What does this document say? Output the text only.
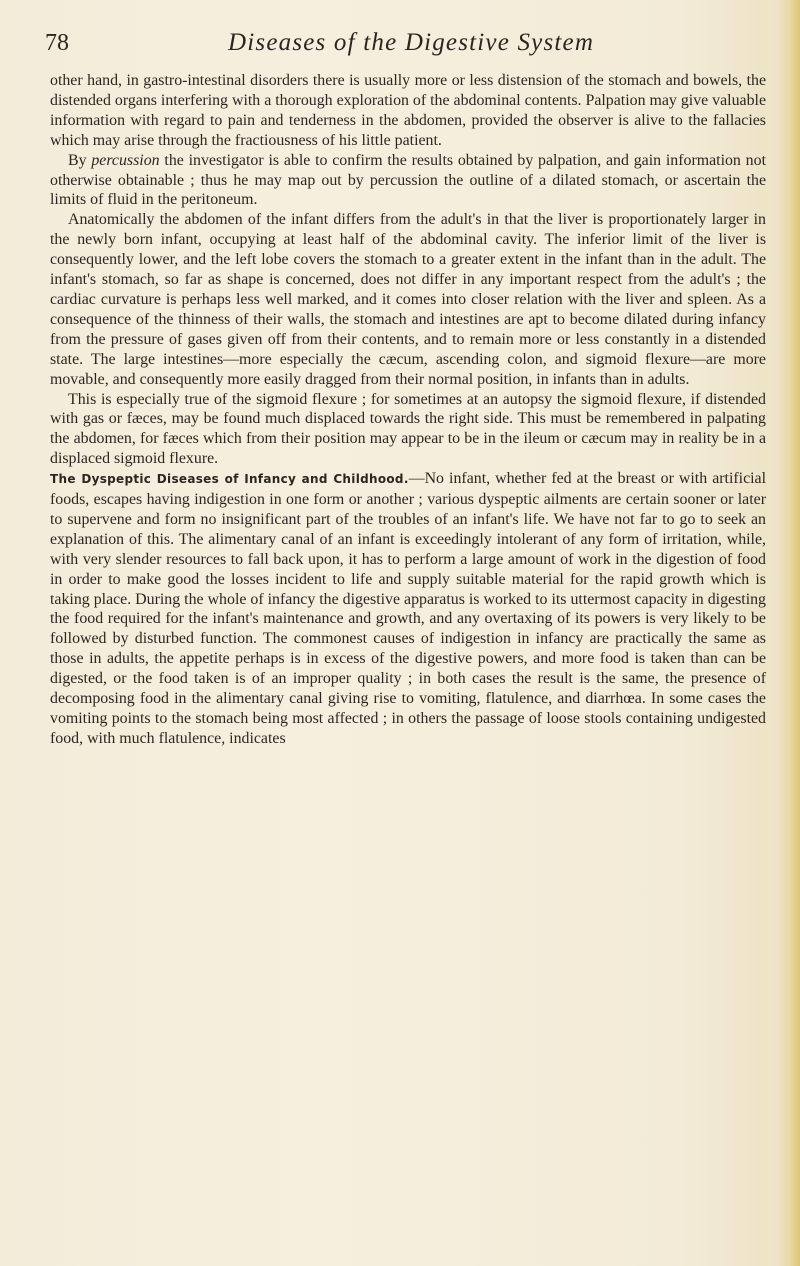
78	Diseases of the Digestive System

other hand, in gastro-intestinal disorders there is usually more or less distension of the stomach and bowels, the distended organs interfering with a thorough exploration of the abdominal contents. Palpation may give valuable information with regard to pain and tenderness in the abdomen, provided the observer is alive to the fallacies which may arise through the fractiousness of his little patient.

By percussion the investigator is able to confirm the results obtained by palpation, and gain information not otherwise obtainable ; thus he may map out by percussion the outline of a dilated stomach, or ascertain the limits of fluid in the peritoneum.

Anatomically the abdomen of the infant differs from the adult's in that the liver is proportionately larger in the newly born infant, occupying at least half of the abdominal cavity. The inferior limit of the liver is consequently lower, and the left lobe covers the stomach to a greater extent in the infant than in the adult. The infant's stomach, so far as shape is concerned, does not differ in any important respect from the adult's ; the cardiac curvature is perhaps less well marked, and it comes into closer relation with the liver and spleen. As a consequence of the thinness of their walls, the stomach and intestines are apt to become dilated during infancy from the pressure of gases given off from their contents, and to remain more or less constantly in a distended state. The large intestines—more especially the cæcum, ascending colon, and sigmoid flexure—are more movable, and consequently more easily dragged from their normal position, in infants than in adults.

This is especially true of the sigmoid flexure ; for sometimes at an autopsy the sigmoid flexure, if distended with gas or fæces, may be found much displaced towards the right side. This must be remembered in palpating the abdomen, for fæces which from their position may appear to be in the ileum or cæcum may in reality be in a displaced sigmoid flexure.

The Dyspeptic Diseases of Infancy and Childhood.—No infant, whether fed at the breast or with artificial foods, escapes having indigestion in one form or another ; various dyspeptic ailments are certain sooner or later to supervene and form no insignificant part of the troubles of an infant's life. We have not far to go to seek an explanation of this. The alimentary canal of an infant is exceedingly intolerant of any form of irritation, while, with very slender resources to fall back upon, it has to perform a large amount of work in the digestion of food in order to make good the losses incident to life and supply suitable material for the rapid growth which is taking place. During the whole of infancy the digestive apparatus is worked to its uttermost capacity in digesting the food required for the infant's maintenance and growth, and any overtaxing of its powers is very likely to be followed by disturbed function. The commonest causes of indigestion in infancy are practically the same as those in adults, the appetite perhaps is in excess of the digestive powers, and more food is taken than can be digested, or the food taken is of an improper quality ; in both cases the result is the same, the presence of decomposing food in the alimentary canal giving rise to vomiting, flatulence, and diarrhœa. In some cases the vomiting points to the stomach being most affected ; in others the passage of loose stools containing undigested food, with much flatulence, indicates
